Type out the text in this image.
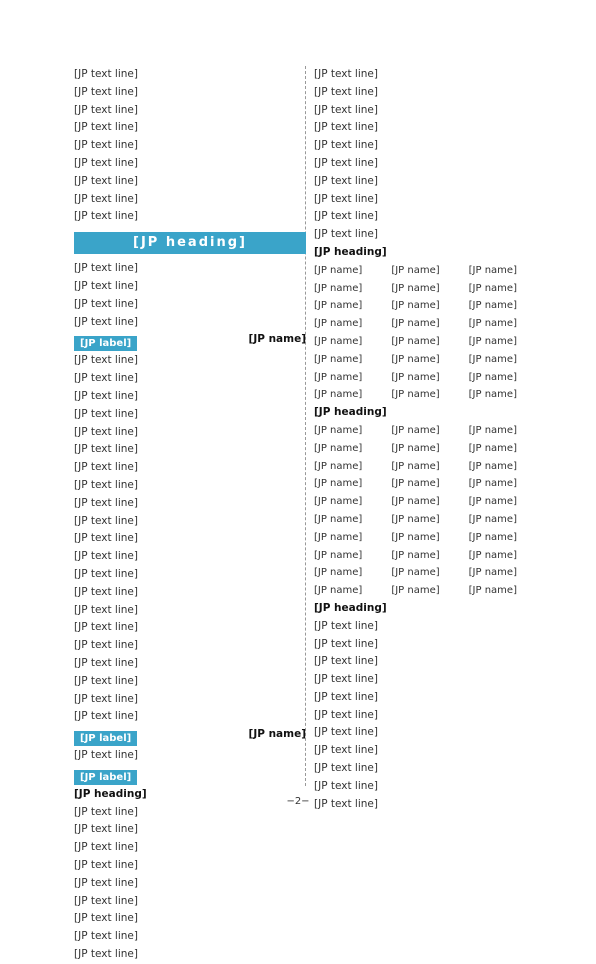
[JP text line]
[JP text line]
[JP text line]
[JP text line]
[JP text line]
[JP text line]
[JP text line]
[JP text line]
[JP text line]
[JP heading]
[JP text line]
[JP text line]
[JP text line]
[JP text line]
[JP label]	[JP name]
[JP text line]
[JP text line]
[JP text line]
[JP text line]
[JP text line]
[JP text line]
[JP text line]
[JP text line]
[JP text line]
[JP text line]
[JP text line]
[JP text line]
[JP text line]
[JP text line]
[JP text line]
[JP text line]
[JP text line]
[JP text line]
[JP text line]
[JP text line]
[JP text line]
[JP label]	[JP name]
[JP text line]
[JP label]
[JP heading]
[JP text line]
[JP text line]
[JP text line]
[JP text line]
[JP text line]
[JP text line]
[JP text line]
[JP text line]
[JP text line]
[JP text line]
[JP text line]
[JP text line]
[JP text line]
[JP text line]
[JP text line]
[JP text line]
[JP text line]
[JP text line]
[JP text line]
[JP heading]
[JP name]	[JP name]	[JP name]
[JP name]	[JP name]	[JP name]
[JP name]	[JP name]	[JP name]
[JP name]	[JP name]	[JP name]
[JP name]	[JP name]	[JP name]
[JP name]	[JP name]	[JP name]
[JP name]	[JP name]	[JP name]
[JP name]	[JP name]	[JP name]
[JP heading]
[JP name]	[JP name]	[JP name]
[JP name]	[JP name]	[JP name]
[JP name]	[JP name]	[JP name]
[JP name]	[JP name]	[JP name]
[JP name]	[JP name]	[JP name]
[JP name]	[JP name]	[JP name]
[JP name]	[JP name]	[JP name]
[JP name]	[JP name]	[JP name]
[JP name]	[JP name]	[JP name]
[JP name]	[JP name]	[JP name]
[JP heading]
[JP text line]
[JP text line]
[JP text line]
[JP text line]
[JP text line]
[JP text line]
[JP text line]
[JP text line]
[JP text line]
[JP text line]
[JP text line]
−2−
